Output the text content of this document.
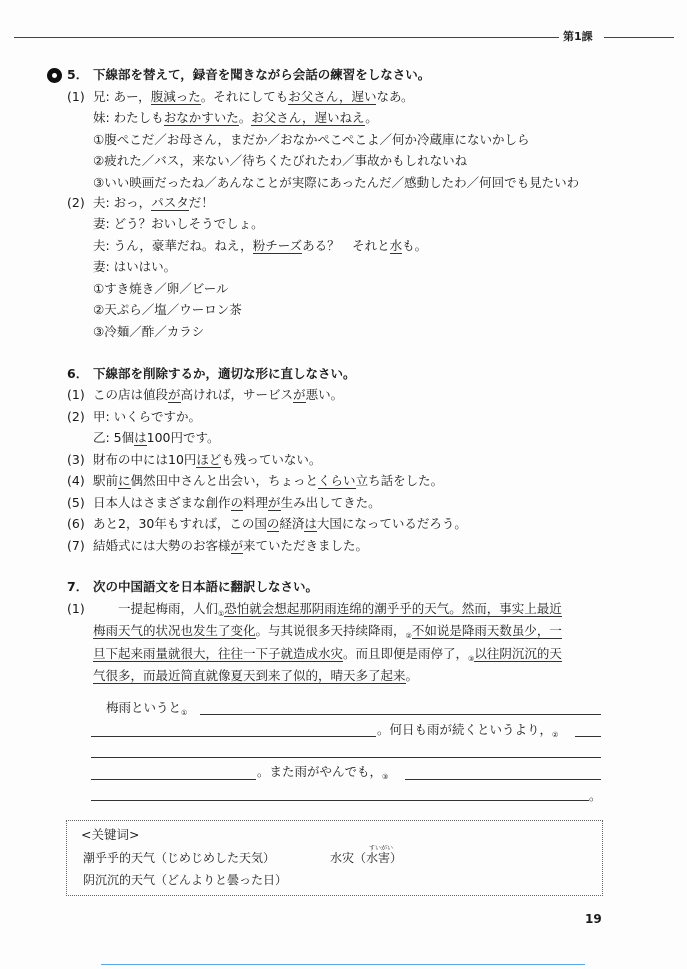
第1課
5． 下線部を替えて，録音を聞きながら会話の練習をしなさい。
(1) 兄: あー，腹減った。それにしてもお父さん，遅いなあ。
妹: わたしもおなかすいた。お父さん，遅いねえ。
①腹ぺこだ／お母さん，まだか／おなかぺこぺこよ／何か冷蔵庫にないかしら
②疲れた／バス，来ない／待ちくたびれたわ／事故かもしれないね
③いい映画だったね／あんなことが実際にあったんだ／感動したわ／何回でも見たいわ
(2) 夫: おっ，パスタだ！
妻: どう？おいしそうでしょ。
夫: うん，豪華だね。ねえ，粉チーズある？　それと水も。
妻: はいはい。
①すき焼き／卵／ビール
②天ぷら／塩／ウーロン茶
③冷麺／酢／カラシ
6． 下線部を削除するか，適切な形に直しなさい。
(1) この店は値段が高ければ，サービスが悪い。
(2) 甲: いくらですか。
乙: 5個は100円です。
(3) 財布の中には10円ほども残っていない。
(4) 駅前に偶然田中さんと出会い，ちょっとくらい立ち話をした。
(5) 日本人はさまざまな創作の料理が生み出してきた。
(6) あと2，30年もすれば，この国の経済は大国になっているだろう。
(7) 結婚式には大勢のお客様が来ていただきました。
7． 次の中国語文を日本語に翻訳しなさい。
(1) 　　一提起梅雨，人们$_①$恐怕就会想起那阴雨连绵的潮乎乎的天气。然而，事实上最近
梅雨天气的状况也发生了变化。与其说很多天持续降雨，$_②$不如说是降雨天数虽少，一
旦下起来雨量就很大，往往一下子就造成水灾。而且即便是雨停了，$_③$以往阴沉沉的天
气很多，而最近简直就像夏天到来了似的，晴天多了起来。
梅雨というと$_①$
。何日も雨が続くというより，$_②$
。また雨がやんでも，$_③$
。
<关键词>
潮乎乎的天气（じめじめした天気）
すいがい
水灾（水害）
阴沉沉的天气（どんよりと曇った日）
19
